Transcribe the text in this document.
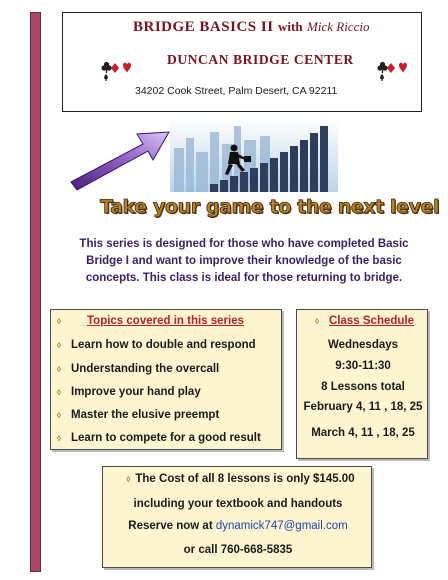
BRIDGE BASICS II with Mick Riccio
DUNCAN BRIDGE CENTER
34202 Cook Street, Palm Desert, CA 92211
Take your game to the next level
This series is designed for those who have completed Basic Bridge I and want to improve their knowledge of the basic concepts. This class is ideal for those returning to bridge.
◊ Topics covered in this series
◊ Learn how to double and respond
◊ Understanding the overcall
◊ Improve your hand play
◊ Master the elusive preempt
◊ Learn to compete for a good result
◊ Class Schedule
Wednesdays
9:30-11:30
8 Lessons total
February 4, 11 , 18, 25
March 4, 11 , 18, 25
◊ The Cost of all 8 lessons is only $145.00
including your textbook and handouts
Reserve now at dynamick747@gmail.com
or call 760-668-5835
